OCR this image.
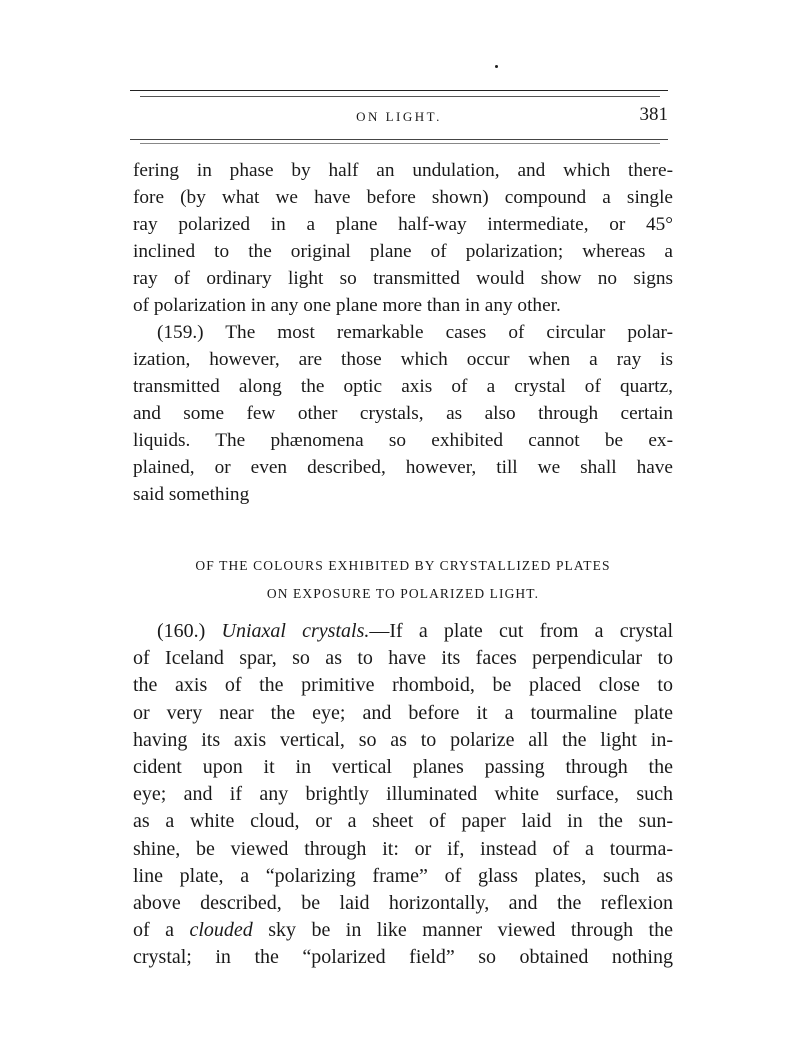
ON LIGHT.	381
fering in phase by half an undulation, and which there-
fore (by what we have before shown) compound a single
ray polarized in a plane half-way intermediate, or 45°
inclined to the original plane of polarization; whereas a
ray of ordinary light so transmitted would show no signs
of polarization in any one plane more than in any other.
(159.) The most remarkable cases of circular polar-
ization, however, are those which occur when a ray is
transmitted along the optic axis of a crystal of quartz,
and some few other crystals, as also through certain
liquids. The phænomena so exhibited cannot be ex-
plained, or even described, however, till we shall have
said something
OF THE COLOURS EXHIBITED BY CRYSTALLIZED PLATES
ON EXPOSURE TO POLARIZED LIGHT.
(160.) Uniaxal crystals.—If a plate cut from a crystal
of Iceland spar, so as to have its faces perpendicular to
the axis of the primitive rhomboid, be placed close to
or very near the eye; and before it a tourmaline plate
having its axis vertical, so as to polarize all the light in-
cident upon it in vertical planes passing through the
eye; and if any brightly illuminated white surface, such
as a white cloud, or a sheet of paper laid in the sun-
shine, be viewed through it: or if, instead of a tourma-
line plate, a “polarizing frame” of glass plates, such as
above described, be laid horizontally, and the reflexion
of a clouded sky be in like manner viewed through the
crystal; in the “polarized field” so obtained nothing
